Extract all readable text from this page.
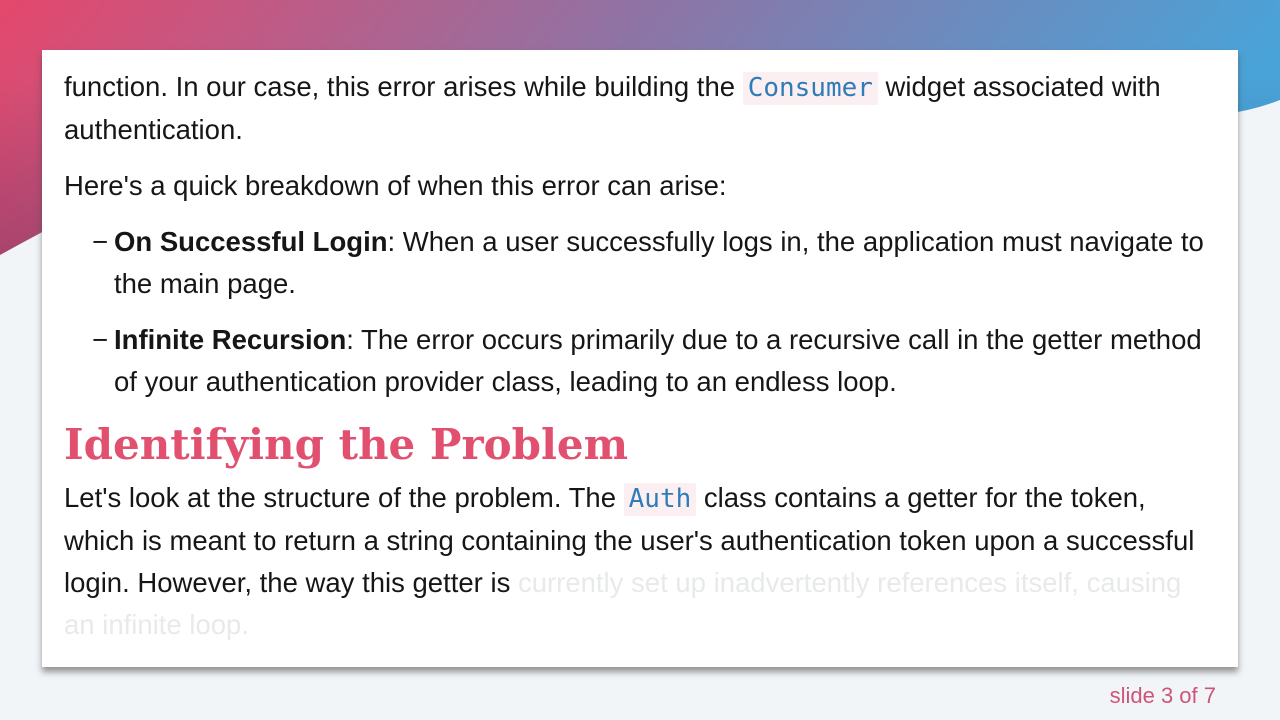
function. In our case, this error arises while building the Consumer widget associated with authentication.

Here's a quick breakdown of when this error can arise:

− On Successful Login: When a user successfully logs in, the application must navigate to the main page.
− Infinite Recursion: The error occurs primarily due to a recursive call in the getter method of your authentication provider class, leading to an endless loop.
Identifying the Problem

Let's look at the structure of the problem. The Auth class contains a getter for the token, which is meant to return a string containing the user's authentication token upon a successful login. However, the way this getter is currently set up inadvertently references itself, causing an infinite loop.

slide 3 of 7
